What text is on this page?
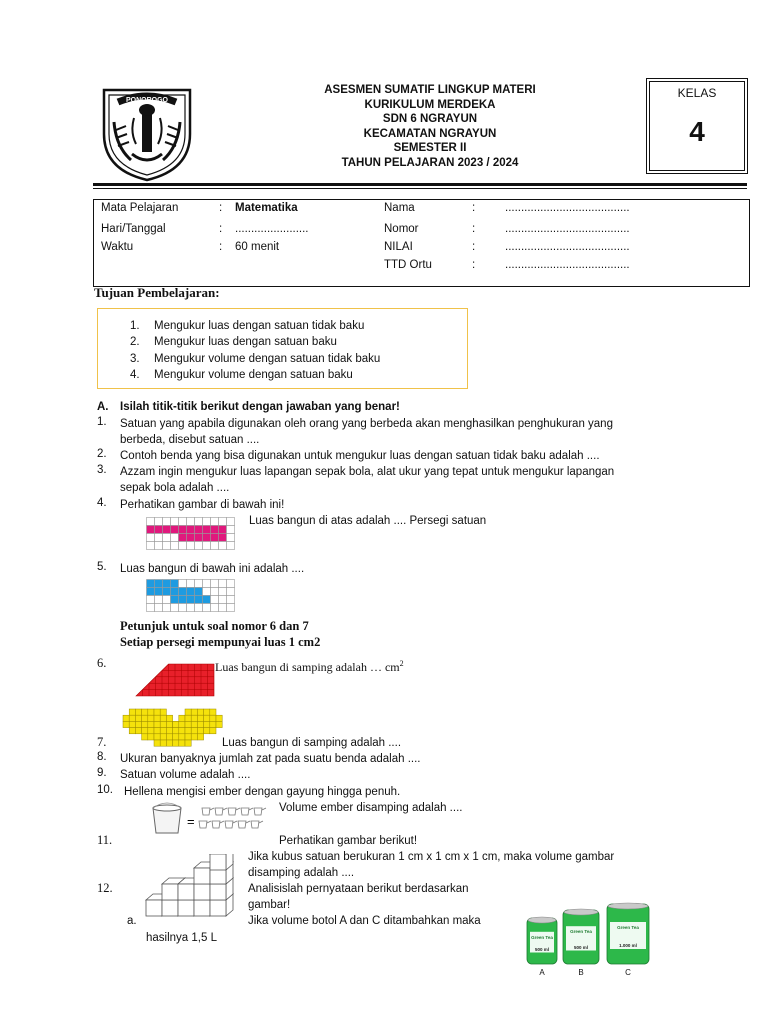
PONOROGO
ASESMEN SUMATIF LINGKUP MATERI
KURIKULUM MERDEKA
SDN 6 NGRAYUN
KECAMATAN NGRAYUN
SEMESTER II
TAHUN PELAJARAN 2023 / 2024
KELAS
4
Mata Pelajaran	: Matematika
Hari/Tanggal	: .......................
Waktu	: 60 menit
Nama	:	.......................................
Nomor	:	.......................................
NILAI	:	.......................................
TTD Ortu	:	.......................................
Tujuan Pembelajaran:
1. Mengukur luas dengan satuan tidak baku
2. Mengukur luas dengan satuan baku
3. Mengukur volume dengan satuan tidak baku
4. Mengukur volume dengan satuan baku
A. Isilah titik-titik berikut dengan jawaban yang benar!
1. Satuan yang apabila digunakan oleh orang yang berbeda akan menghasilkan penghukuran yang
berbeda, disebut satuan ....
2. Contoh benda yang bisa digunakan untuk mengukur luas dengan satuan tidak baku adalah ....
3. Azzam ingin mengukur luas lapangan sepak bola, alat ukur yang tepat untuk mengukur lapangan
sepak bola adalah ....
4. Perhatikan gambar di bawah ini!
Luas bangun di atas adalah .... Persegi satuan
5. Luas bangun di bawah ini adalah ....
Petunjuk untuk soal nomor 6 dan 7
Setiap persegi mempunyai luas 1 cm2
6.	Luas bangun di samping adalah … $cm^2$
7.	Luas bangun di samping adalah ....
8. Ukuran banyaknya jumlah zat pada suatu benda adalah ....
9. Satuan volume adalah ....
10. Hellena mengisi ember dengan gayung hingga penuh.
Volume ember disamping adalah ....
=
11.	Perhatikan gambar berikut!
Jika kubus satuan berukuran 1 cm x 1 cm x 1 cm, maka volume gambar
disamping adalah ....
12.	Analisislah pernyataan berikut berdasarkan
gambar!
a.	Jika volume botol A dan C ditambahkan maka
hasilnya 1,5 L	Green Tea
500 ml
A
Green Tea
500 ml
B
Green Tea
1.000 ml
C
